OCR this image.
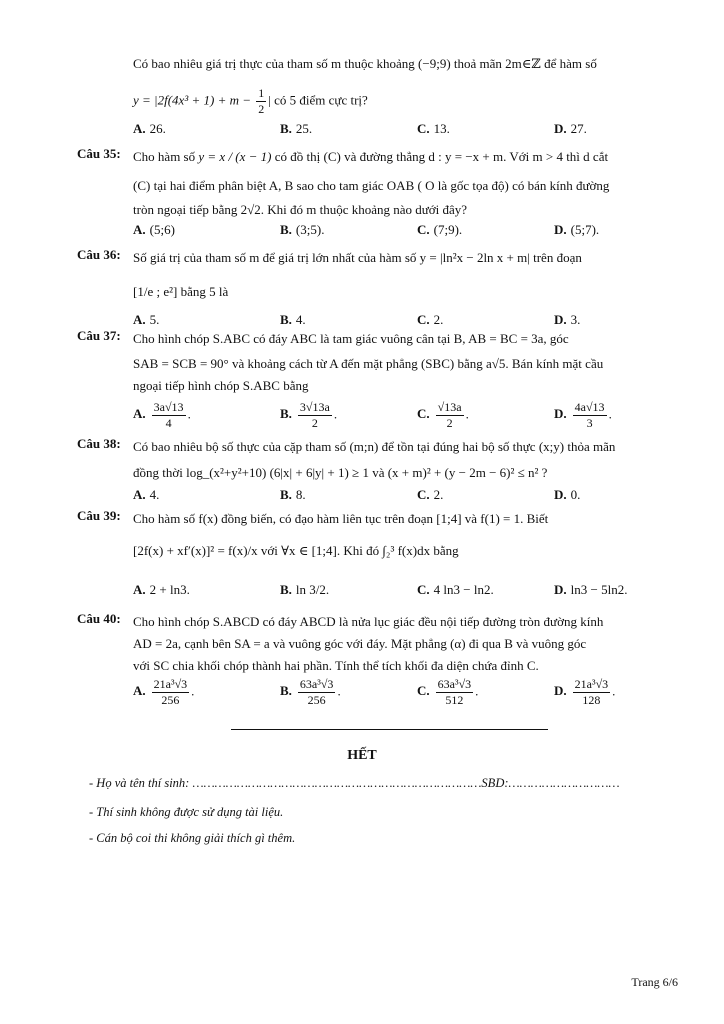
Có bao nhiêu giá trị thực của tham số m thuộc khoảng (−9;9) thoả mãn 2m∈ℤ để hàm số
$y = |2f(4x^3 + 1) + m - \frac{1}{2}$ | có 5 điểm cực trị?
A. 26.	B. 25.	C. 13.	D. 27.
Câu 35: Cho hàm số y = x / (x − 1) có đồ thị (C) và đường thẳng d : y = −x + m. Với m > 4 thì d cắt
(C) tại hai điểm phân biệt A, B sao cho tam giác OAB ( O là gốc tọa độ) có bán kính đường
tròn ngoại tiếp bằng 2√2. Khi đó m thuộc khoảng nào dưới đây?
A. (5;6)	B. (3;5).	C. (7;9).	D. (5;7).
Câu 36: Số giá trị của tham số m để giá trị lớn nhất của hàm số y = |ln²x − 2ln x + m| trên đoạn
[1/e ; e²] bằng 5 là
A. 5.	B. 4.	C. 2.	D. 3.
Câu 37: Cho hình chóp S.ABC có đáy ABC là tam giác vuông cân tại B, AB = BC = 3a, góc
SAB = SCB = 90° và khoảng cách từ A đến mặt phẳng (SBC) bằng a√5. Bán kính mặt cầu
ngoại tiếp hình chóp S.ABC bằng
A. $\frac{3a√13}{4}$ .	B. $\frac{3√13a}{2}$ .	C. $\frac{√13a}{2}$ .	D. $\frac{4a√13}{3}$ .
Câu 38: Có bao nhiêu bộ số thực của cặp tham số (m;n) để tồn tại đúng hai bộ số thực (x;y) thỏa mãn
đồng thời log_(x²+y²+10) (6|x| + 6|y| + 1) ≥ 1 và (x + m)² + (y − 2m − 6)² ≤ n² ?
A. 4.	B. 8.	C. 2.	D. 0.
Câu 39: Cho hàm số f(x) đồng biến, có đạo hàm liên tục trên đoạn [1;4] và f(1) = 1. Biết
[2f(x) + xf′(x)]² = f(x)/x với ∀x ∈ [1;4]. Khi đó ∫₂³ f(x)dx bằng
A. 2 + ln3.	B. ln 3/2.	C. 4 ln3 − ln2.	D. ln3 − 5ln2.
Câu 40: Cho hình chóp S.ABCD có đáy ABCD là nửa lục giác đều nội tiếp đường tròn đường kính
AD = 2a, cạnh bên SA = a và vuông góc với đáy. Mặt phẳng (α) đi qua B và vuông góc
với SC chia khối chóp thành hai phần. Tính thể tích khối đa diện chứa đỉnh C.
A. $\frac{\text{21a³√3}}{256}$ .	B. $\frac{\text{63a³√3}}{256}$ .	C. $\frac{\text{63a³√3}}{512}$ .	D. $\frac{\text{21a³√3}}{128}$ .
HẾT
- Họ và tên thí sinh: ……………………………………………………………………SBD:…………………………
- Thí sinh không được sử dụng tài liệu.
- Cán bộ coi thi không giải thích gì thêm.
Trang 6/6
